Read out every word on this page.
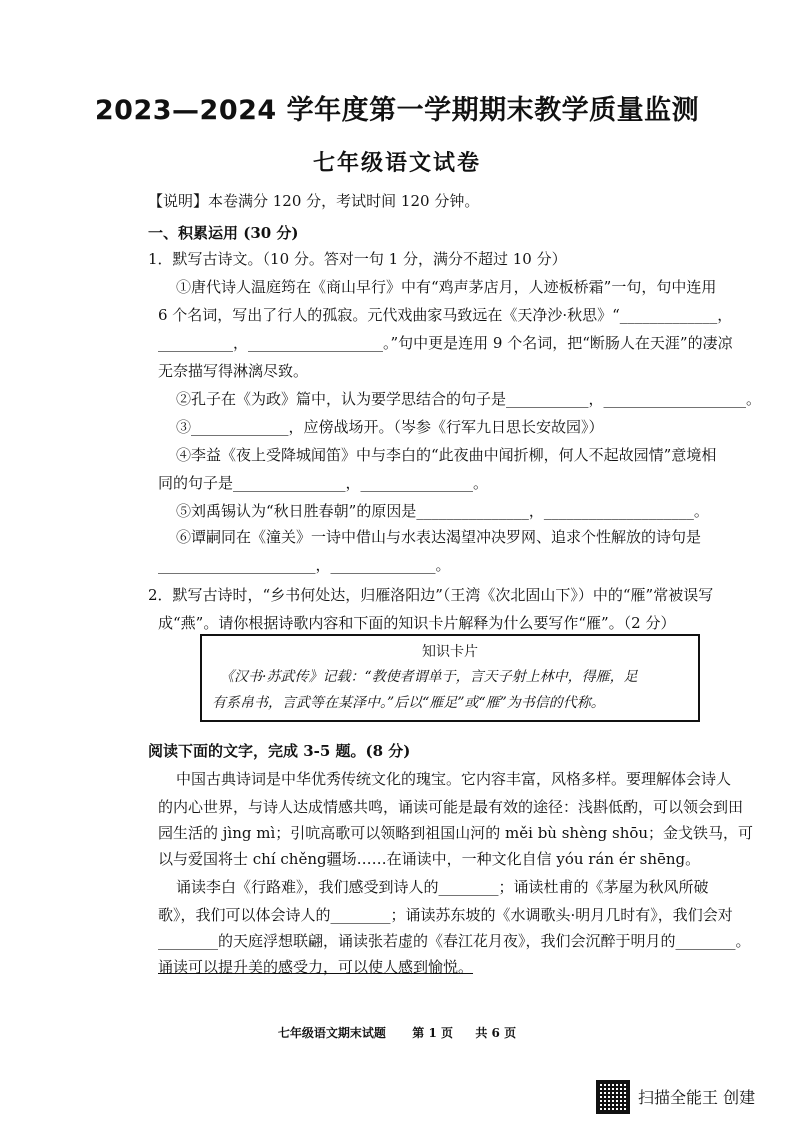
2023—2024 学年度第一学期期末教学质量监测
七年级语文试卷
【说明】本卷满分 120 分，考试时间 120 分钟。
一、积累运用 (30 分)
1．默写古诗文。（10 分。答对一句 1 分，满分不超过 10 分）
①唐代诗人温庭筠在《商山早行》中有“鸡声茅店月，人迹板桥霜”一句，句中连用
6 个名词，写出了行人的孤寂。元代戏曲家马致远在《天净沙·秋思》“_____________，
__________，__________________。”句中更是连用 9 个名词，把“断肠人在天涯”的凄凉
无奈描写得淋漓尽致。
②孔子在《为政》篇中，认为要学思结合的句子是___________，___________________。
③_____________，应傍战场开。（岑参《行军九日思长安故园》）
④李益《夜上受降城闻笛》中与李白的“此夜曲中闻折柳，何人不起故园情”意境相
同的句子是_______________，_______________。
⑤刘禹锡认为“秋日胜春朝”的原因是_______________，____________________。
⑥谭嗣同在《潼关》一诗中借山与水表达渴望冲决罗网、追求个性解放的诗句是
_____________________，______________。
2．默写古诗时，“乡书何处达，归雁洛阳边”（王湾《次北固山下》）中的“雁”常被误写
成“燕”。请你根据诗歌内容和下面的知识卡片解释为什么要写作“雁”。（2 分）
知识卡片
《汉书·苏武传》记载：“教使者谓单于，言天子射上林中，得雁，足
有系帛书，言武等在某泽中。”后以“雁足”或“雁”为书信的代称。
阅读下面的文字，完成 3-5 题。(8 分)
中国古典诗词是中华优秀传统文化的瑰宝。它内容丰富，风格多样。要理解体会诗人
的内心世界，与诗人达成情感共鸣，诵读可能是最有效的途径：浅斟低酌，可以领会到田
园生活的 jìng mì；引吭高歌可以领略到祖国山河的 měi bù shèng shōu；金戈铁马，可
以与爱国将士 chí chěng疆场……在诵读中，一种文化自信 yóu rán ér shēng。
诵读李白《行路难》，我们感受到诗人的________；诵读杜甫的《茅屋为秋风所破
歌》，我们可以体会诗人的________；诵读苏东坡的《水调歌头·明月几时有》，我们会对
________的天庭浮想联翩，诵读张若虚的《春江花月夜》，我们会沉醉于明月的________。
诵读可以提升美的感受力，可以使人感到愉悦。
七年级语文期末试题 第 1 页 共 6 页
扫描全能王 创建
